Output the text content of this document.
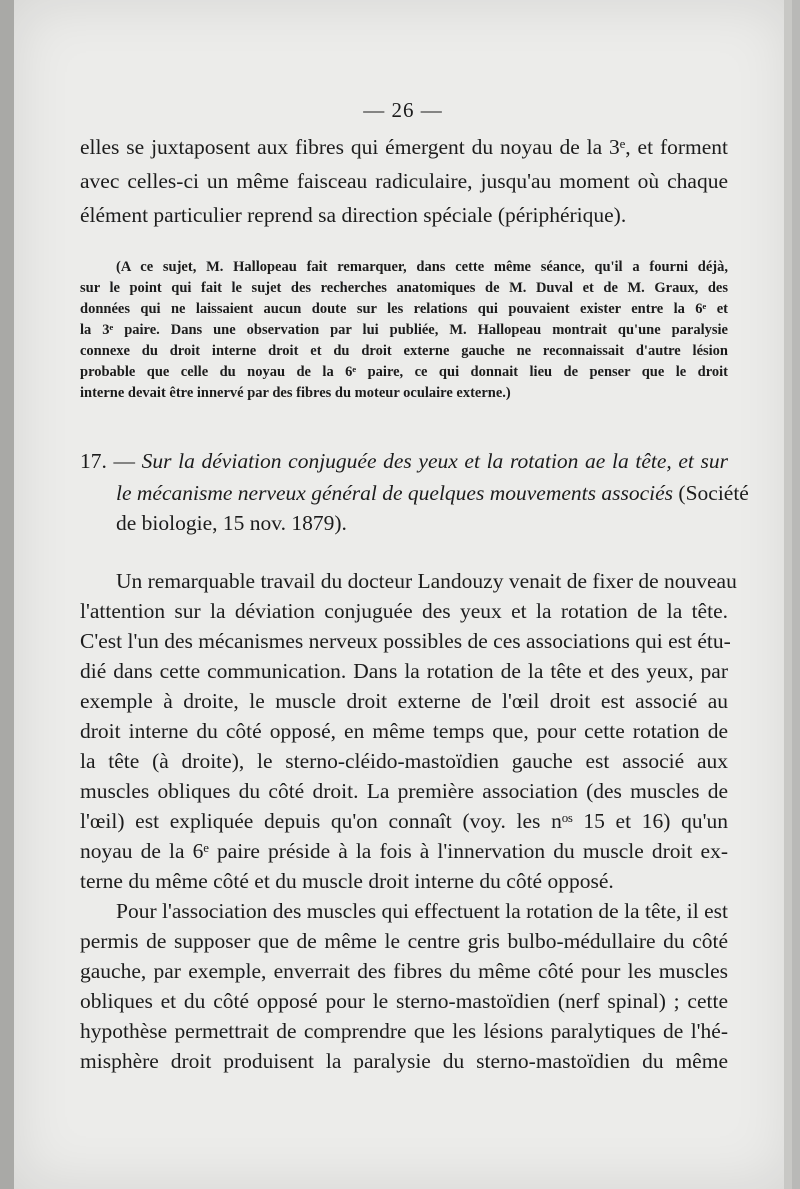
— 26 —
elles se juxtaposent aux fibres qui émergent du noyau de la 3ᵉ, et forment
avec celles-ci un même faisceau radiculaire, jusqu'au moment où chaque
élément particulier reprend sa direction spéciale (périphérique).
(A ce sujet, M. Hallopeau fait remarquer, dans cette même séance, qu'il a fourni déjà,
sur le point qui fait le sujet des recherches anatomiques de M. Duval et de M. Graux, des
données qui ne laissaient aucun doute sur les relations qui pouvaient exister entre la 6ᵉ et
la 3ᵉ paire. Dans une observation par lui publiée, M. Hallopeau montrait qu'une paralysie
connexe du droit interne droit et du droit externe gauche ne reconnaissait d'autre lésion
probable que celle du noyau de la 6ᵉ paire, ce qui donnait lieu de penser que le droit
interne devait être innervé par des fibres du moteur oculaire externe.)
17. — Sur la déviation conjuguée des yeux et la rotation ae la tête, et sur
le mécanisme nerveux général de quelques mouvements associés (Société
de biologie, 15 nov. 1879).
Un remarquable travail du docteur Landouzy venait de fixer de nouveau
l'attention sur la déviation conjuguée des yeux et la rotation de la tête.
C'est l'un des mécanismes nerveux possibles de ces associations qui est étu-
dié dans cette communication. Dans la rotation de la tête et des yeux, par
exemple à droite, le muscle droit externe de l'œil droit est associé au
droit interne du côté opposé, en même temps que, pour cette rotation de
la tête (à droite), le sterno-cléido-mastoïdien gauche est associé aux
muscles obliques du côté droit. La première association (des muscles de
l'œil) est expliquée depuis qu'on connaît (voy. les nᵒˢ 15 et 16) qu'un
noyau de la 6ᵉ paire préside à la fois à l'innervation du muscle droit ex-
terne du même côté et du muscle droit interne du côté opposé.
Pour l'association des muscles qui effectuent la rotation de la tête, il est
permis de supposer que de même le centre gris bulbo-médullaire du côté
gauche, par exemple, enverrait des fibres du même côté pour les muscles
obliques et du côté opposé pour le sterno-mastoïdien (nerf spinal) ; cette
hypothèse permettrait de comprendre que les lésions paralytiques de l'hé-
misphère droit produisent la paralysie du sterno-mastoïdien du même
